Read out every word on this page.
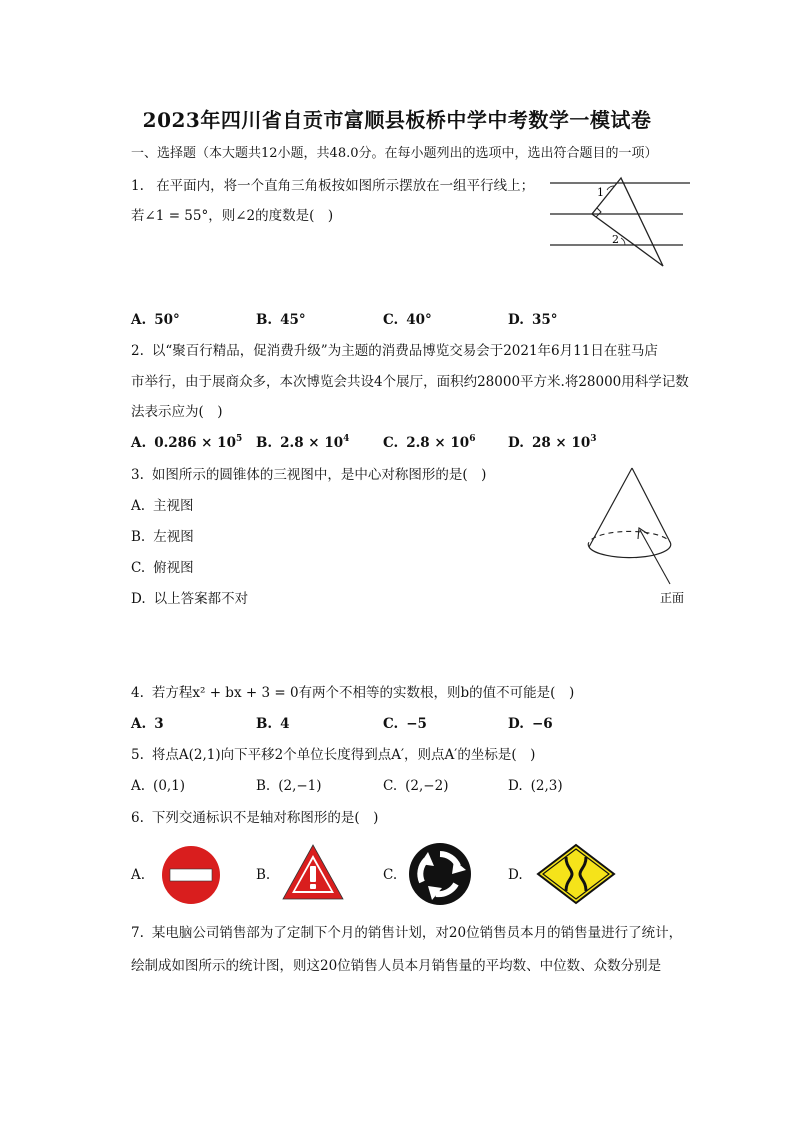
2023年四川省自贡市富顺县板桥中学中考数学一模试卷
一、选择题（本大题共12小题，共48.0分。在每小题列出的选项中，选出符合题目的一项）
1. 在平面内，将一个直角三角板按如图所示摆放在一组平行线上；
若∠1 = 55°，则∠2的度数是(　)
1
2
A. 50°	B. 45°	C. 40°	D. 35°
2. 以“聚百行精品，促消费升级”为主题的消费品博览交易会于2021年6月11日在驻马店
市举行，由于展商众多，本次博览会共设4个展厅，面积约28000平方米.将28000用科学记数
法表示应为(　)
A. $0.286 \times 10^5$ B. $2.8 \times 10^4$ C. $2.8 \times 10^6$ D. $28 \times 10^3$
3. 如图所示的圆锥体的三视图中，是中心对称图形的是(　)
A. 主视图
B. 左视图
C. 俯视图
D. 以上答案都不对	正面
4. 若方程x² + bx + 3 = 0有两个不相等的实数根，则b的值不可能是(　)
A. 3	B. 4	C. −5	D. −6
5. 将点A(2,1)向下平移2个单位长度得到点A′，则点A′的坐标是(　)
A. (0,1)	B. (2,−1)	C. (2,−2)	D. (2,3)
6. 下列交通标识不是轴对称图形的是(　)
A.	B.	C.	D.
7. 某电脑公司销售部为了定制下个月的销售计划，对20位销售员本月的销售量进行了统计，
绘制成如图所示的统计图，则这20位销售人员本月销售量的平均数、中位数、众数分别是
